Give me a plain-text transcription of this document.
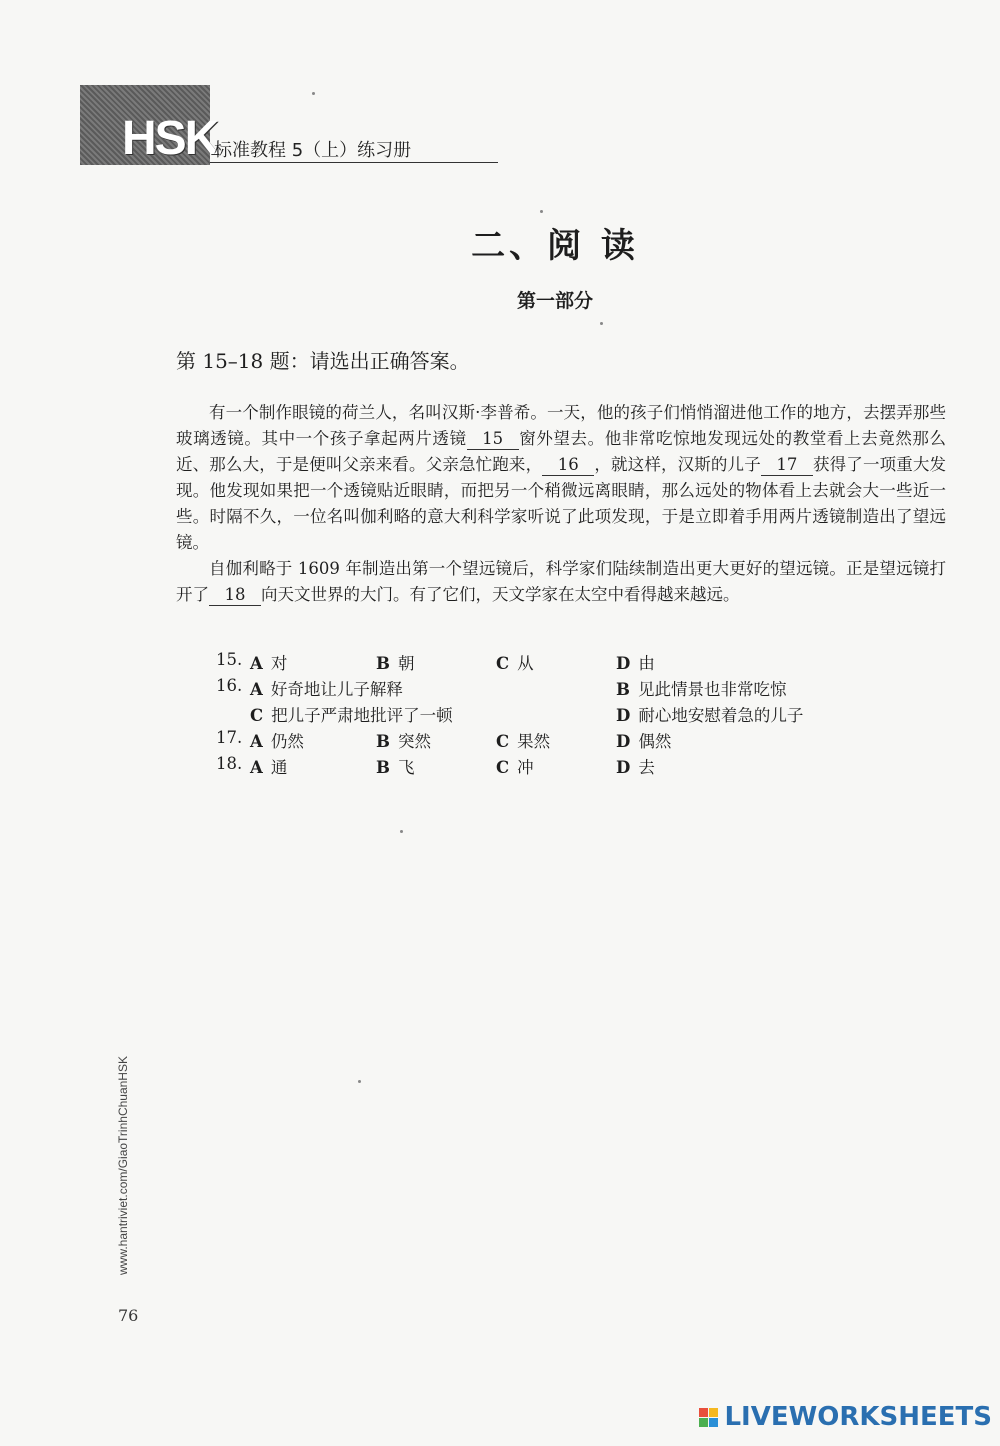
HSK
标准教程 5（上）练习册
二、阅 读
第一部分
第 15–18 题：请选出正确答案。

有一个制作眼镜的荷兰人，名叫汉斯·李普希。一天，他的孩子们悄悄溜进他工作的地方，去摆弄那些玻璃透镜。其中一个孩子拿起两片透镜 15 窗外望去。他非常吃惊地发现远处的教堂看上去竟然那么近、那么大，于是便叫父亲来看。父亲急忙跑来， 16 ，就这样，汉斯的儿子 17 获得了一项重大发现。他发现如果把一个透镜贴近眼睛，而把另一个稍微远离眼睛，那么远处的物体看上去就会大一些近一些。时隔不久，一位名叫伽利略的意大利科学家听说了此项发现，于是立即着手用两片透镜制造出了望远镜。

自伽利略于 1609 年制造出第一个望远镜后，科学家们陆续制造出更大更好的望远镜。正是望远镜打开了 18 向天文世界的大门。有了它们，天文学家在太空中看得越来越远。

15. A 对	B 朝	C 从	D 由
16. A 好奇地让儿子解释	B 见此情景也非常吃惊
C 把儿子严肃地批评了一顿	D 耐心地安慰着急的儿子
17. A 仍然	B 突然	C 果然	D 偶然
18. A 通	B 飞	C 冲	D 去
www.hantriviet.com/GiaoTrinhChuanHSK
76
LIVEWORKSHEETS
